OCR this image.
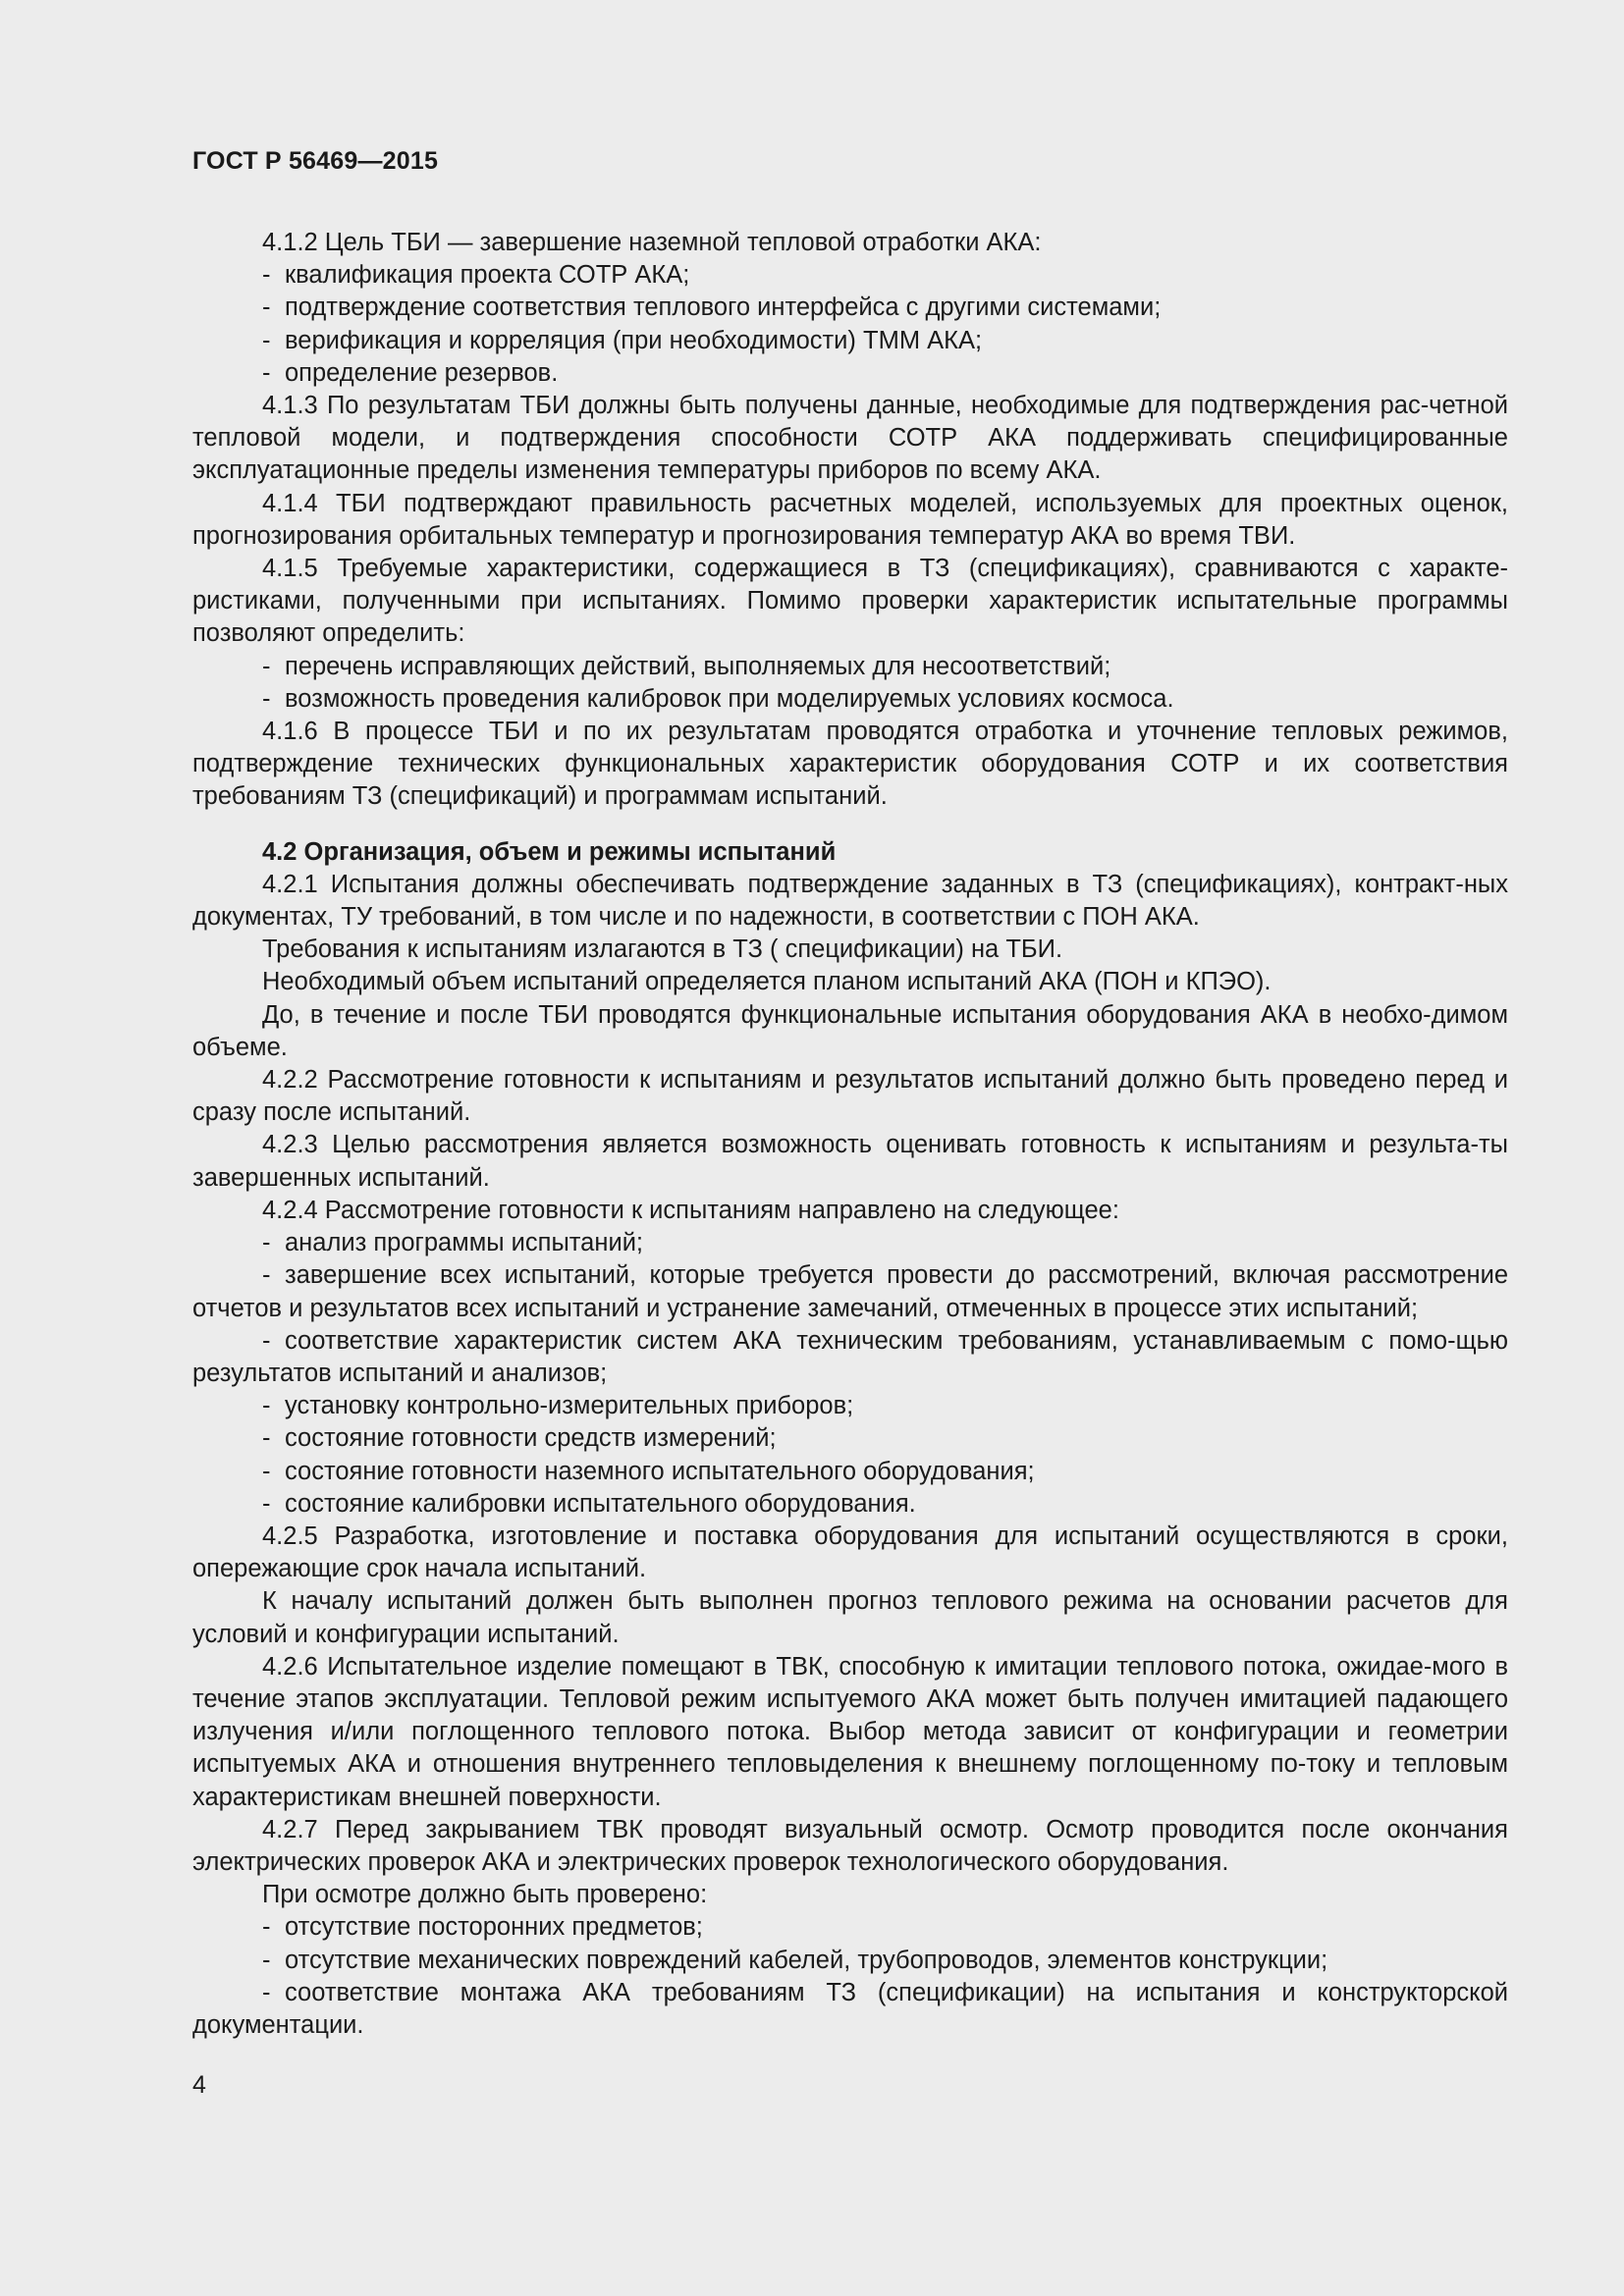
ГОСТ Р 56469—2015
4.1.2 Цель ТБИ — завершение наземной тепловой отработки АКА:
- квалификация проекта СОТР АКА;
- подтверждение соответствия теплового интерфейса с другими системами;
- верификация и корреляция (при необходимости) ТММ АКА;
- определение резервов.
4.1.3 По результатам ТБИ должны быть получены данные, необходимые для подтверждения рас-четной тепловой модели, и подтверждения способности СОТР АКА поддерживать специфицированные эксплуатационные пределы изменения температуры приборов по всему АКА.
4.1.4 ТБИ подтверждают правильность расчетных моделей, используемых для проектных оценок, прогнозирования орбитальных температур и прогнозирования температур АКА во время ТВИ.
4.1.5 Требуемые характеристики, содержащиеся в ТЗ (спецификациях), сравниваются с характе-ристиками, полученными при испытаниях. Помимо проверки характеристик испытательные программы позволяют определить:
- перечень исправляющих действий, выполняемых для несоответствий;
- возможность проведения калибровок при моделируемых условиях космоса.
4.1.6 В процессе ТБИ и по их результатам проводятся отработка и уточнение тепловых режимов, подтверждение технических функциональных характеристик оборудования СОТР и их соответствия требованиям ТЗ (спецификаций) и программам испытаний.
4.2 Организация, объем и режимы испытаний
4.2.1 Испытания должны обеспечивать подтверждение заданных в ТЗ (спецификациях), контракт-ных документах, ТУ требований, в том числе и по надежности, в соответствии с ПОН АКА.
Требования к испытаниям излагаются в ТЗ ( спецификации) на ТБИ.
Необходимый объем испытаний определяется планом испытаний АКА (ПОН и КПЭО).
До, в течение и после ТБИ проводятся функциональные испытания оборудования АКА в необхо-димом объеме.
4.2.2 Рассмотрение готовности к испытаниям и результатов испытаний должно быть проведено перед и сразу после испытаний.
4.2.3 Целью рассмотрения является возможность оценивать готовность к испытаниям и результа-ты завершенных испытаний.
4.2.4 Рассмотрение готовности к испытаниям направлено на следующее:
- анализ программы испытаний;
- завершение всех испытаний, которые требуется провести до рассмотрений, включая рассмотрение отчетов и результатов всех испытаний и устранение замечаний, отмеченных в процессе этих испытаний;
- соответствие характеристик систем АКА техническим требованиям, устанавливаемым с помо-щью результатов испытаний и анализов;
- установку контрольно-измерительных приборов;
- состояние готовности средств измерений;
- состояние готовности наземного испытательного оборудования;
- состояние калибровки испытательного оборудования.
4.2.5 Разработка, изготовление и поставка оборудования для испытаний осуществляются в сроки, опережающие срок начала испытаний.
К началу испытаний должен быть выполнен прогноз теплового режима на основании расчетов для условий и конфигурации испытаний.
4.2.6 Испытательное изделие помещают в ТВК, способную к имитации теплового потока, ожидае-мого в течение этапов эксплуатации. Тепловой режим испытуемого АКА может быть получен имитацией падающего излучения и/или поглощенного теплового потока. Выбор метода зависит от конфигурации и геометрии испытуемых АКА и отношения внутреннего тепловыделения к внешнему поглощенному по-току и тепловым характеристикам внешней поверхности.
4.2.7 Перед закрыванием ТВК проводят визуальный осмотр. Осмотр проводится после окончания электрических проверок АКА и электрических проверок технологического оборудования.
При осмотре должно быть проверено:
- отсутствие посторонних предметов;
- отсутствие механических повреждений кабелей, трубопроводов, элементов конструкции;
- соответствие монтажа АКА требованиям ТЗ (спецификации) на испытания и конструкторской документации.
4
